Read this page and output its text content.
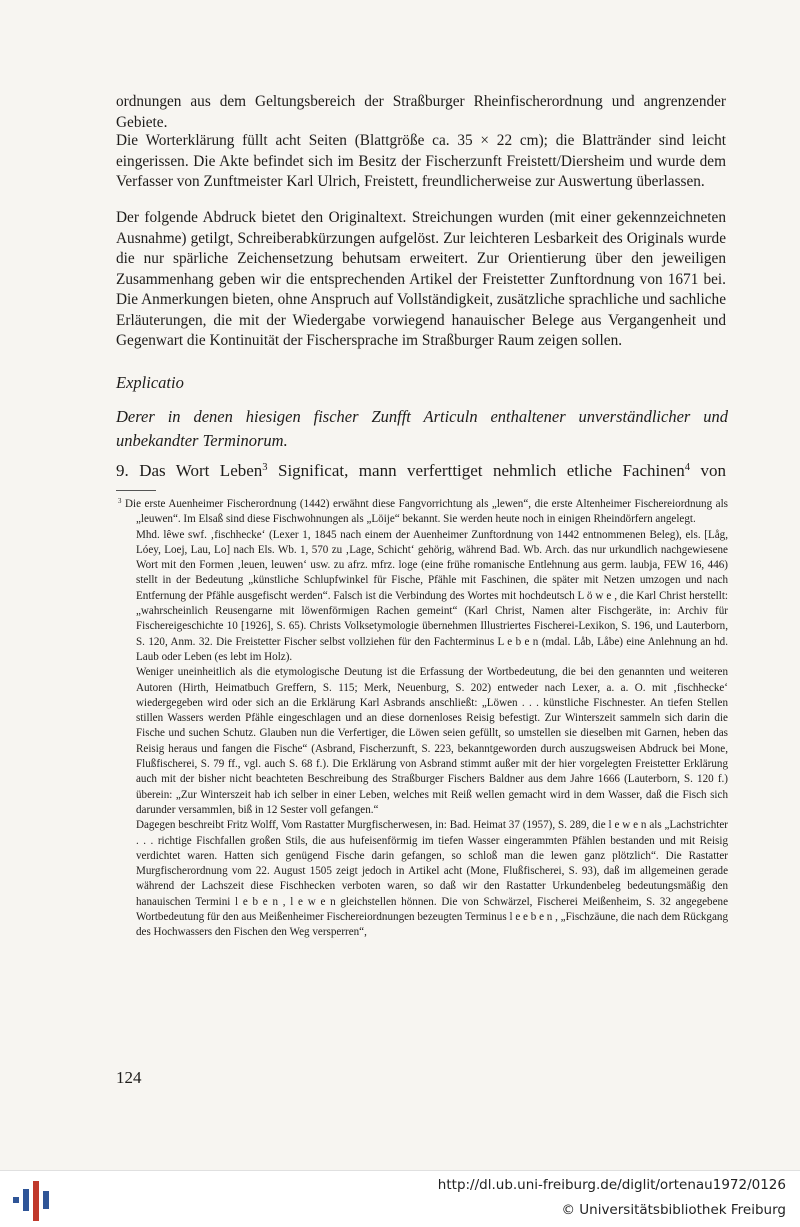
ordnungen aus dem Geltungsbereich der Straßburger Rheinfischerordnung und angrenzender Gebiete.

Die Worterklärung füllt acht Seiten (Blattgröße ca. 35 × 22 cm); die Blattränder sind leicht eingerissen. Die Akte befindet sich im Besitz der Fischerzunft Freistett/Diersheim und wurde dem Verfasser von Zunftmeister Karl Ulrich, Freistett, freundlicherweise zur Auswertung überlassen.

Der folgende Abdruck bietet den Originaltext. Streichungen wurden (mit einer gekennzeichneten Ausnahme) getilgt, Schreiberabkürzungen aufgelöst. Zur leichteren Lesbarkeit des Originals wurde die nur spärliche Zeichensetzung behutsam erweitert. Zur Orientierung über den jeweiligen Zusammenhang geben wir die entsprechenden Artikel der Freistetter Zunftordnung von 1671 bei. Die Anmerkungen bieten, ohne Anspruch auf Vollständigkeit, zusätzliche sprachliche und sachliche Erläuterungen, die mit der Wiedergabe vorwiegend hanauischer Belege aus Vergangenheit und Gegenwart die Kontinuität der Fischersprache im Straßburger Raum zeigen sollen.

Explicatio

Derer in denen hiesigen fischer Zunfft Articuln enthaltener unverständlicher und unbekandter Terminorum.

9. Das Wort Leben$^3$ Significat, mann verferttiget nehmlich etliche Fachinen$^4$ von

$^3$ Die erste Auenheimer Fischerordnung (1442) erwähnt diese Fangvorrichtung als „lewen“, die erste Altenheimer Fischereiordnung als „leuwen“. Im Elsaß sind diese Fischwohnungen als „Löije“ bekannt. Sie werden heute noch in einigen Rheindörfern angelegt.

Mhd. lêwe swf. ‚fischhecke‘ (Lexer 1, 1845 nach einem der Auenheimer Zunftordnung von 1442 entnommenen Beleg), els. [Låg, Lóey, Loej, Lau, Lo] nach Els. Wb. 1, 570 zu ‚Lage, Schicht‘ gehörig, während Bad. Wb. Arch. das nur urkundlich nachgewiesene Wort mit den Formen ‚leuen, leuwen‘ usw. zu afrz. mfrz. loge (eine frühe romanische Entlehnung aus germ. laubja, FEW 16, 446) stellt in der Bedeutung „künstliche Schlupfwinkel für Fische, Pfähle mit Faschinen, die später mit Netzen umzogen und nach Entfernung der Pfähle ausgefischt werden“. Falsch ist die Verbindung des Wortes mit hochdeutsch L ö w e , die Karl Christ herstellt: „wahrscheinlich Reusengarne mit löwenförmigen Rachen gemeint“ (Karl Christ, Namen alter Fischgeräte, in: Archiv für Fischereigeschichte 10 [1926], S. 65). Christs Volksetymologie übernehmen Illustriertes Fischerei-Lexikon, S. 196, und Lauterborn, S. 120, Anm. 32. Die Freistetter Fischer selbst vollziehen für den Fachterminus L e b e n (mdal. Låb, Låbe) eine Anlehnung an hd. Laub oder Leben (es lebt im Holz).

Weniger uneinheitlich als die etymologische Deutung ist die Erfassung der Wortbedeutung, die bei den genannten und weiteren Autoren (Hirth, Heimatbuch Greffern, S. 115; Merk, Neuenburg, S. 202) entweder nach Lexer, a. a. O. mit ‚fischhecke‘ wiedergegeben wird oder sich an die Erklärung Karl Asbrands anschließt: „Löwen . . . künstliche Fischnester. An tiefen Stellen stillen Wassers werden Pfähle eingeschlagen und an diese dornenloses Reisig befestigt. Zur Winterszeit sammeln sich darin die Fische und suchen Schutz. Glauben nun die Verfertiger, die Löwen seien gefüllt, so umstellen sie dieselben mit Garnen, heben das Reisig heraus und fangen die Fische“ (Asbrand, Fischerzunft, S. 223, bekanntgeworden durch auszugsweisen Abdruck bei Mone, Flußfischerei, S. 79 ff., vgl. auch S. 68 f.). Die Erklärung von Asbrand stimmt außer mit der hier vorgelegten Freistetter Erklärung auch mit der bisher nicht beachteten Beschreibung des Straßburger Fischers Baldner aus dem Jahre 1666 (Lauterborn, S. 120 f.) überein: „Zur Winterszeit hab ich selber in einer Leben, welches mit Reiß wellen gemacht wird in dem Wasser, daß die Fisch sich darunder versammlen, biß in 12 Sester voll gefangen.“

Dagegen beschreibt Fritz Wolff, Vom Rastatter Murgfischerwesen, in: Bad. Heimat 37 (1957), S. 289, die l e w e n als „Lachstrichter . . . richtige Fischfallen großen Stils, die aus hufeisenförmig im tiefen Wasser eingerammten Pfählen bestanden und mit Reisig verdichtet waren. Hatten sich genügend Fische darin gefangen, so schloß man die lewen ganz plötzlich“. Die Rastatter Murgfischerordnung vom 22. August 1505 zeigt jedoch in Artikel acht (Mone, Flußfischerei, S. 93), daß im allgemeinen gerade während der Lachszeit diese Fischhecken verboten waren, so daß wir den Rastatter Urkundenbeleg bedeutungsmäßig den hanauischen Termini l e b e n , l e w e n gleichstellen hönnen. Die von Schwärzel, Fischerei Meißenheim, S. 32 angegebene Wortbedeutung für den aus Meißenheimer Fischereiordnungen bezeugten Terminus l e e b e n , „Fischzäune, die nach dem Rückgang des Hochwassers den Fischen den Weg versperren“,

124
http://dl.ub.uni-freiburg.de/diglit/ortenau1972/0126
© Universitätsbibliothek Freiburg
